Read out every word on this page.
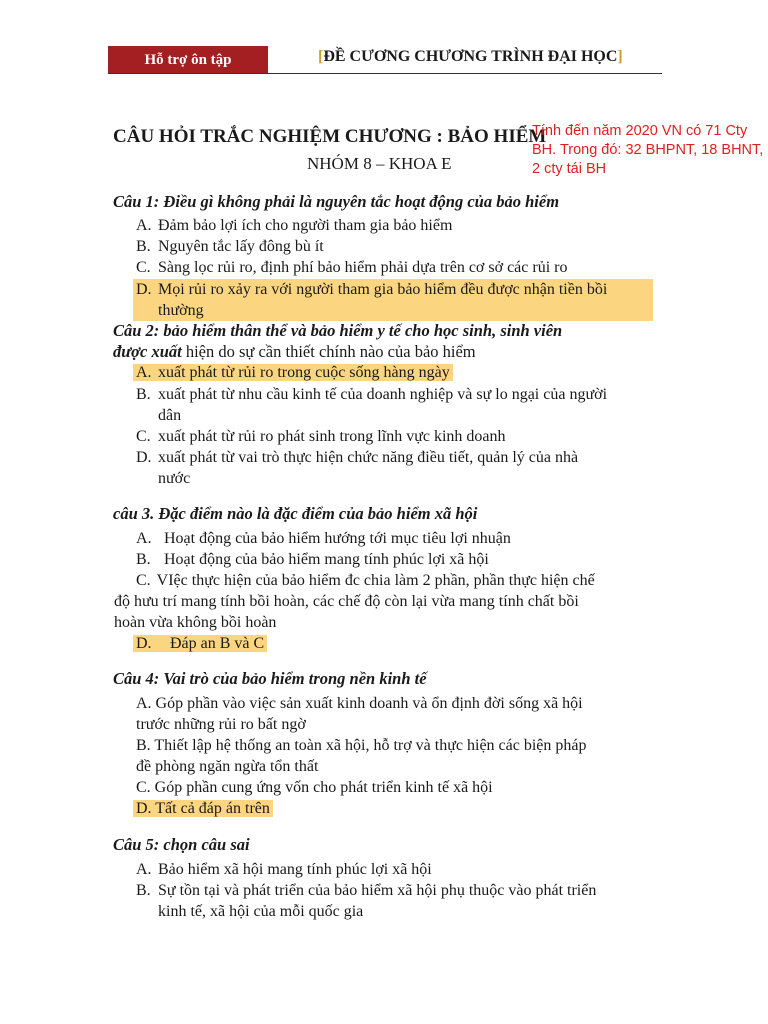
Hỗ trợ ôn tập	[ĐỀ CƯƠNG CHƯƠNG TRÌNH ĐẠI HỌC]
CÂU HỎI TRẮC NGHIỆM CHƯƠNG : BẢO HIỂM
NHÓM 8 – KHOA E
Tính đến năm 2020 VN có 71 Cty BH. Trong đó: 32 BHPNT, 18 BHNT, 2 cty tái BH
Câu 1: Điều gì không phải là nguyên tắc hoạt động của bảo hiểm
A. Đảm bảo lợi ích cho người tham gia bảo hiểm
B. Nguyên tắc lấy đông bù ít
C. Sàng lọc rủi ro, định phí bảo hiểm phải dựa trên cơ sở các rủi ro
D. Mọi rủi ro xảy ra với người tham gia bảo hiểm đều được nhận tiền bồi
thường
Câu 2: bảo hiểm thân thể và bảo hiểm y tế cho học sinh, sinh viên
được xuất hiện do sự cần thiết chính nào của bảo hiểm
A. xuất phát từ rủi ro trong cuộc sống hàng ngày
B. xuất phát từ nhu cầu kinh tế của doanh nghiệp và sự lo ngại của người
dân
C. xuất phát từ rủi ro phát sinh trong lĩnh vực kinh doanh
D. xuất phát từ vai trò thực hiện chức năng điều tiết, quản lý của nhà
nước
câu 3. Đặc điểm nào là đặc điểm của bảo hiểm xã hội
A. Hoạt động của bảo hiểm hướng tới mục tiêu lợi nhuận
B. Hoạt động của bảo hiểm mang tính phúc lợi xã hội
C. VIệc thực hiện của bảo hiểm đc chia làm 2 phần, phần thực hiện chế
độ hưu trí mang tính bồi hoàn, các chế độ còn lại vừa mang tính chất bồi
hoàn vừa không bồi hoàn
D. Đáp an B và C
Câu 4: Vai trò của bảo hiểm trong nền kinh tế
A. Góp phần vào việc sản xuất kinh doanh và ổn định đời sống xã hội
trước những rủi ro bất ngờ
B. Thiết lập hệ thống an toàn xã hội, hỗ trợ và thực hiện các biện pháp
đề phòng ngăn ngừa tổn thất
C. Góp phần cung ứng vốn cho phát triển kinh tế xã hội
D. Tất cả đáp án trên
Câu 5: chọn câu sai
A. Bảo hiểm xã hội mang tính phúc lợi xã hội
B. Sự tồn tại và phát triển của bảo hiểm xã hội phụ thuộc vào phát triển
kinh tế, xã hội của mỗi quốc gia
